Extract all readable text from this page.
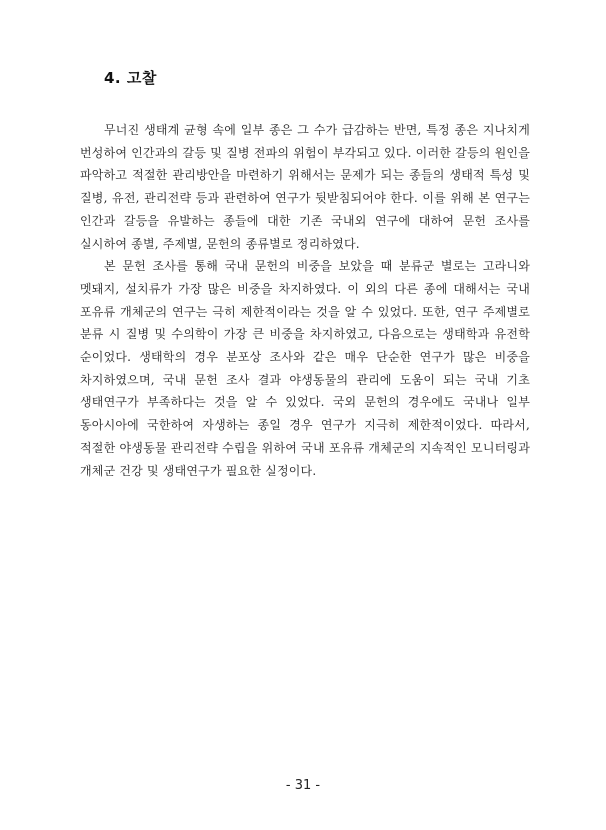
4. 고찰

무너진 생태계 균형 속에 일부 종은 그 수가 급감하는 반면, 특정 종은 지나치게 번성하여 인간과의 갈등 및 질병 전파의 위험이 부각되고 있다. 이러한 갈등의 원인을 파악하고 적절한 관리방안을 마련하기 위해서는 문제가 되는 종들의 생태적 특성 및 질병, 유전, 관리전략 등과 관련하여 연구가 뒷받침되어야 한다. 이를 위해 본 연구는 인간과 갈등을 유발하는 종들에 대한 기존 국내외 연구에 대하여 문헌 조사를 실시하여 종별, 주제별, 문헌의 종류별로 정리하였다.

본 문헌 조사를 통해 국내 문헌의 비중을 보았을 때 분류군 별로는 고라니와 멧돼지, 설치류가 가장 많은 비중을 차지하였다. 이 외의 다른 종에 대해서는 국내 포유류 개체군의 연구는 극히 제한적이라는 것을 알 수 있었다. 또한, 연구 주제별로 분류 시 질병 및 수의학이 가장 큰 비중을 차지하였고, 다음으로는 생태학과 유전학 순이었다. 생태학의 경우 분포상 조사와 같은 매우 단순한 연구가 많은 비중을 차지하였으며, 국내 문헌 조사 결과 야생동물의 관리에 도움이 되는 국내 기초 생태연구가 부족하다는 것을 알 수 있었다. 국외 문헌의 경우에도 국내나 일부 동아시아에 국한하여 자생하는 종일 경우 연구가 지극히 제한적이었다. 따라서, 적절한 야생동물 관리전략 수립을 위하여 국내 포유류 개체군의 지속적인 모니터링과 개체군 건강 및 생태연구가 필요한 실정이다.

- 31 -
